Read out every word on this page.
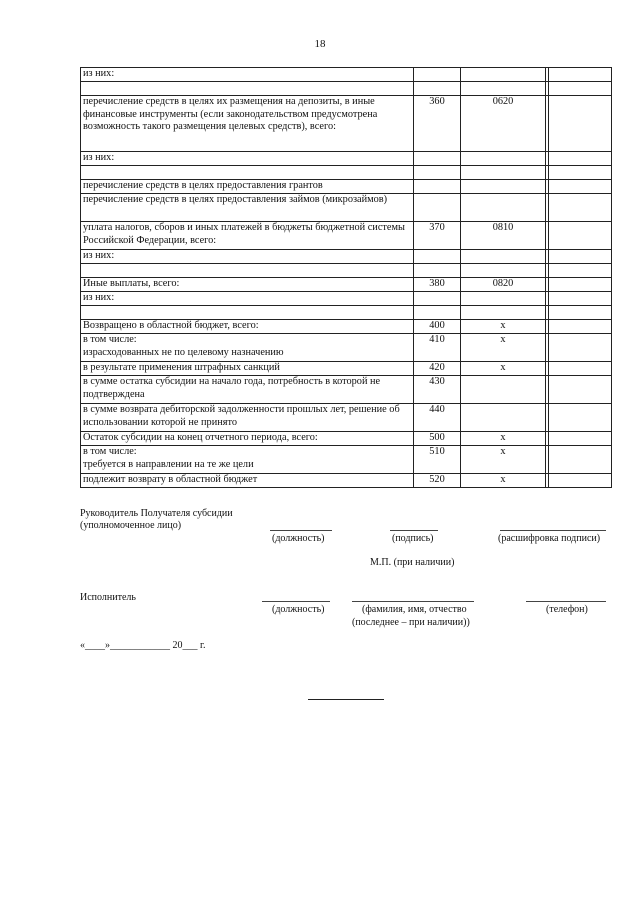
18
из них:				

перечисление средств в целях их размещения на депозиты, в иные финансовые инструменты (если законодательством предусмотрена возможность такого размещения целевых средств), всего:	360	0620		
из них:				

перечисление средств в целях предоставления грантов				
перечисление средств в целях предоставления займов (микрозаймов)				
уплата налогов, сборов и иных платежей в бюджеты бюджетной системы Российской Федерации, всего:	370	0810		
из них:				

Иные выплаты, всего:	380	0820		
из них:				

Возвращено в областной бюджет, всего:	400	x		
в том числе:
израсходованных не по целевому назначению	410	x		
в результате применения штрафных санкций	420	x		
в сумме остатка субсидии на начало года, потребность в которой не подтверждена	430			
в сумме возврата дебиторской задолженности прошлых лет, решение об использовании которой не принято	440			
Остаток субсидии на конец отчетного периода, всего:	500	x		
в том числе:
требуется в направлении на те же цели	510	x		
подлежит возврату в областной бюджет	520	x		
Руководитель Получателя субсидии
(уполномоченное лицо)
(должность)	(подпись)	(расшифровка подписи)
М.П. (при наличии)
Исполнитель
(должность)	(фамилия, имя, отчество
(последнее – при наличии))
(телефон)
«____»____________ 20___ г.
